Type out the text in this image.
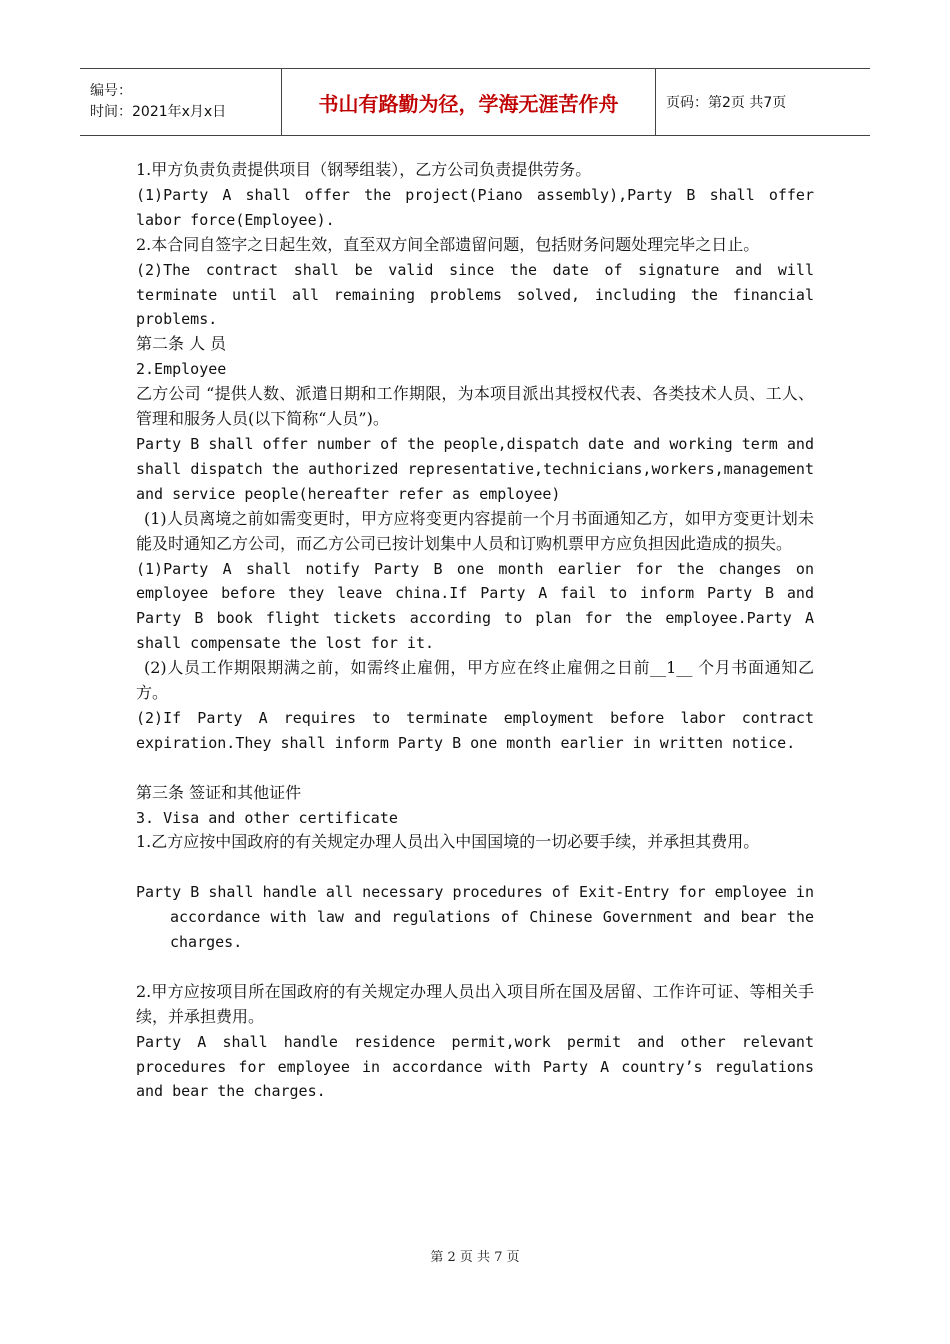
编号：
时间：2021年x月x日	书山有路勤为径，学海无涯苦作舟	页码：第2页 共7页

1.甲方负责负责提供项目（钢琴组装），乙方公司负责提供劳务。

(1)Party A shall offer the project(Piano assembly),Party B shall offer labor force(Employee).

2.本合同自签字之日起生效，直至双方间全部遗留问题，包括财务问题处理完毕之日止。

(2)The contract shall be valid since the date of signature and will terminate until all remaining problems solved, including the financial problems.

第二条 人 员

2.Employee

乙方公司 “提供人数、派遣日期和工作期限，为本项目派出其授权代表、各类技术人员、工人、管理和服务人员(以下简称“人员”)。

Party B shall offer number of the people,dispatch date and working term and shall dispatch the authorized representative,technicians,workers,management and service people(hereafter refer as employee)

(1)人员离境之前如需变更时，甲方应将变更内容提前一个月书面通知乙方，如甲方变更计划未能及时通知乙方公司，而乙方公司已按计划集中人员和订购机票甲方应负担因此造成的损失。

(1)Party A shall notify Party B one month earlier for the changes on employee before they leave china.If Party A fail to inform Party B and Party B book flight tickets according to plan for the employee.Party A shall compensate the lost for it.

(2)人员工作期限期满之前，如需终止雇佣，甲方应在终止雇佣之日前__1__ 个月书面通知乙方。

(2)If Party A requires to terminate employment before labor contract expiration.They shall inform Party B one month earlier in written notice.

第三条 签证和其他证件

3. Visa and other certificate

1.乙方应按中国政府的有关规定办理人员出入中国国境的一切必要手续，并承担其费用。

Party B shall handle all necessary procedures of Exit-Entry for employee in accordance with law and regulations of Chinese Government and bear the charges.

2.甲方应按项目所在国政府的有关规定办理人员出入项目所在国及居留、工作许可证、等相关手续，并承担费用。

Party A shall handle residence permit,work permit and other relevant procedures for employee in accordance with Party A country’s regulations and bear the charges.

第 2 页 共 7 页
